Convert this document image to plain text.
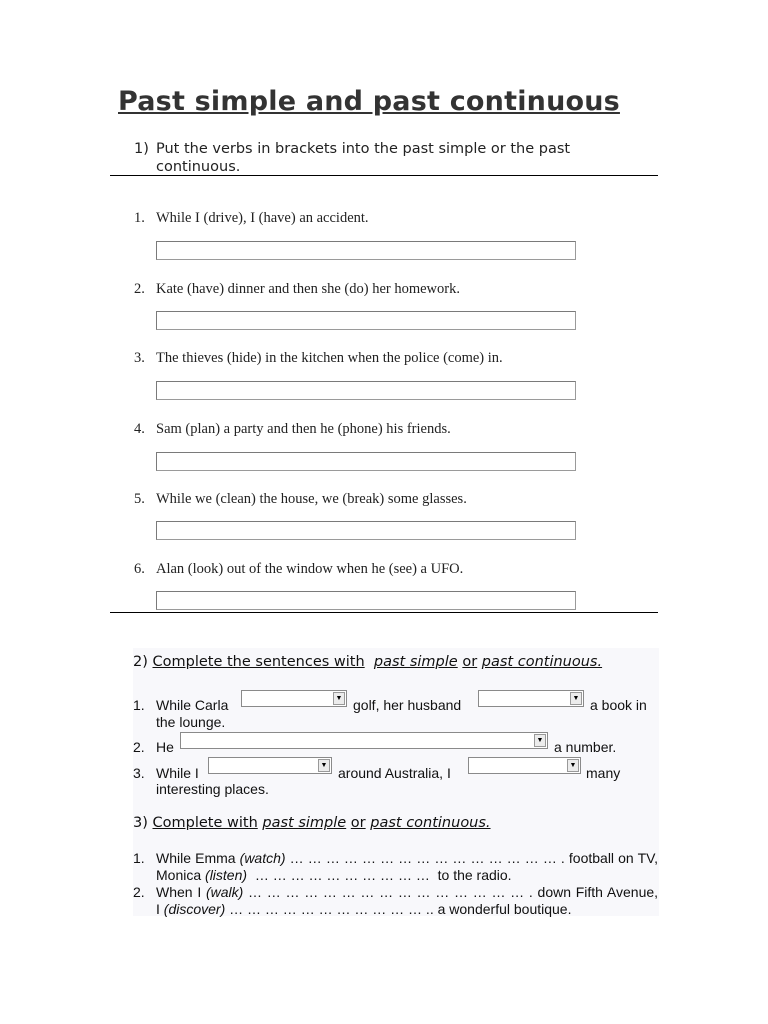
Past simple and past continuous
1) Put the verbs in brackets into the past simple or the past continuous.
1. While I (drive), I (have) an accident.
2. Kate (have) dinner and then she (do) her homework.
3. The thieves (hide) in the kitchen when the police (come) in.
4. Sam (plan) a party and then he (phone) his friends.
5. While we (clean) the house, we (break) some glasses.
6. Alan (look) out of the window when he (see) a UFO.
2) Complete the sentences with past simple or past continuous.
1. While Carla	▼ golf, her husband	▼ a book in
the lounge.
2. He	▼ a number.
3. While I	▼ around Australia, I	▼ many
interesting places.
3) Complete with past simple or past continuous.
1. While Emma (watch) … … … … … … … … … … … … … … … . football on TV,
Monica (listen) … … … … … … … … … … to the radio.
2. When I (walk) … … … … … … … … … … … … … … … . down Fifth Avenue,
I (discover) … … … … … … … … … … … .. a wonderful boutique.
